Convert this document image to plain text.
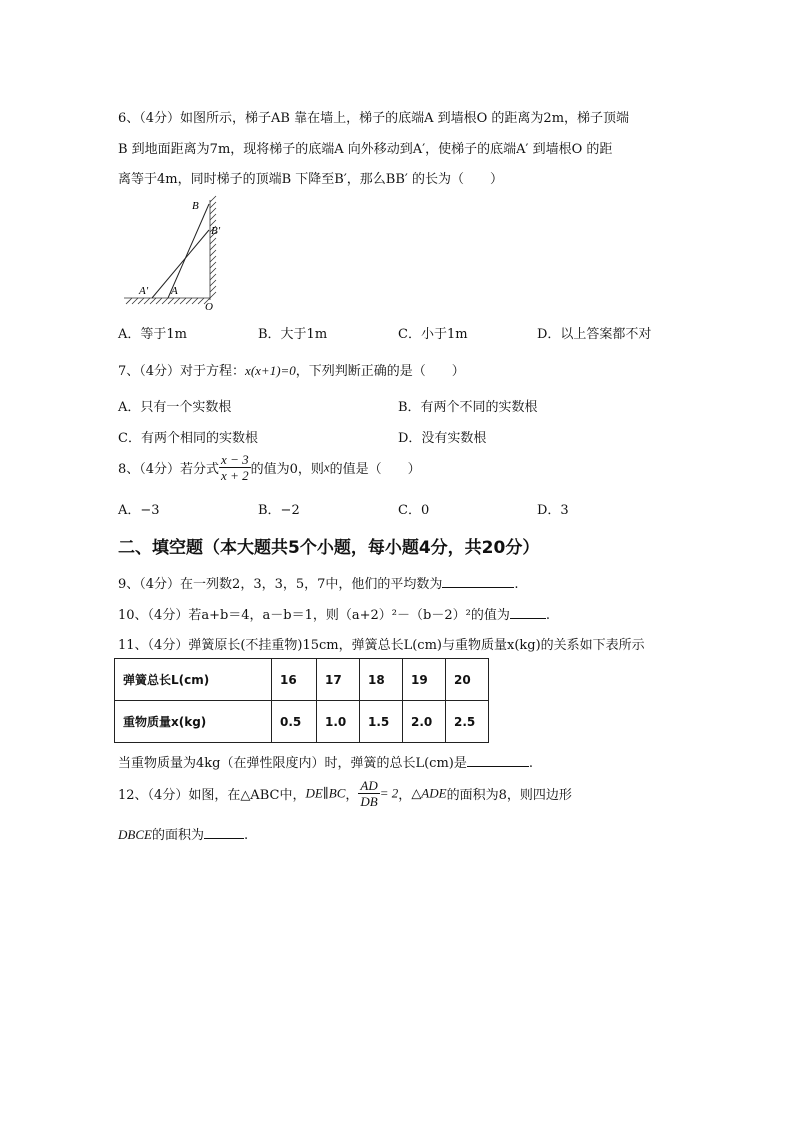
6、（4分）如图所示，梯子AB 靠在墙上，梯子的底端A 到墙根O 的距离为2m，梯子顶端
B 到地面距离为7m，现将梯子的底端A 向外移动到A′，使梯子的底端A′ 到墙根O 的距
离等于4m，同时梯子的顶端B 下降至B′，那么BB′ 的长为（　　）
B
B′
A′ A
O
A．等于1m	B．大于1m	C．小于1m	D．以上答案都不对
7、（4分）对于方程：x(x+1)=0，下列判断正确的是（　　）
A．只有一个实数根	B．有两个不同的实数根
C．有两个相同的实数根	D．没有实数根
8、（4分）若分式 $\frac{x - 3}{x + 2}$ 的值为0，则x的值是（　　）
A．−3	B．−2	C．0	D．3
二、填空题（本大题共5个小题，每小题4分，共20分）
9、（4分）在一列数2，3，3，5，7中，他们的平均数为	.
10、（4分）若a+b＝4，a－b＝1，则（a+2）²－（b－2）²的值为	.
11、（4分）弹簧原长(不挂重物)15cm，弹簧总长L(cm)与重物质量x(kg)的关系如下表所示
弹簧总长L(cm)	16	17	18	19	20
重物质量x(kg)	0.5	1.0	1.5	2.0	2.5
当重物质量为4kg（在弹性限度内）时，弹簧的总长L(cm)是	.
12、（4分）如图，在△ABC中，DE∥BC， $\frac{AD}{DB} = 2$，△ADE的面积为8，则四边形
DBCE的面积为	.
